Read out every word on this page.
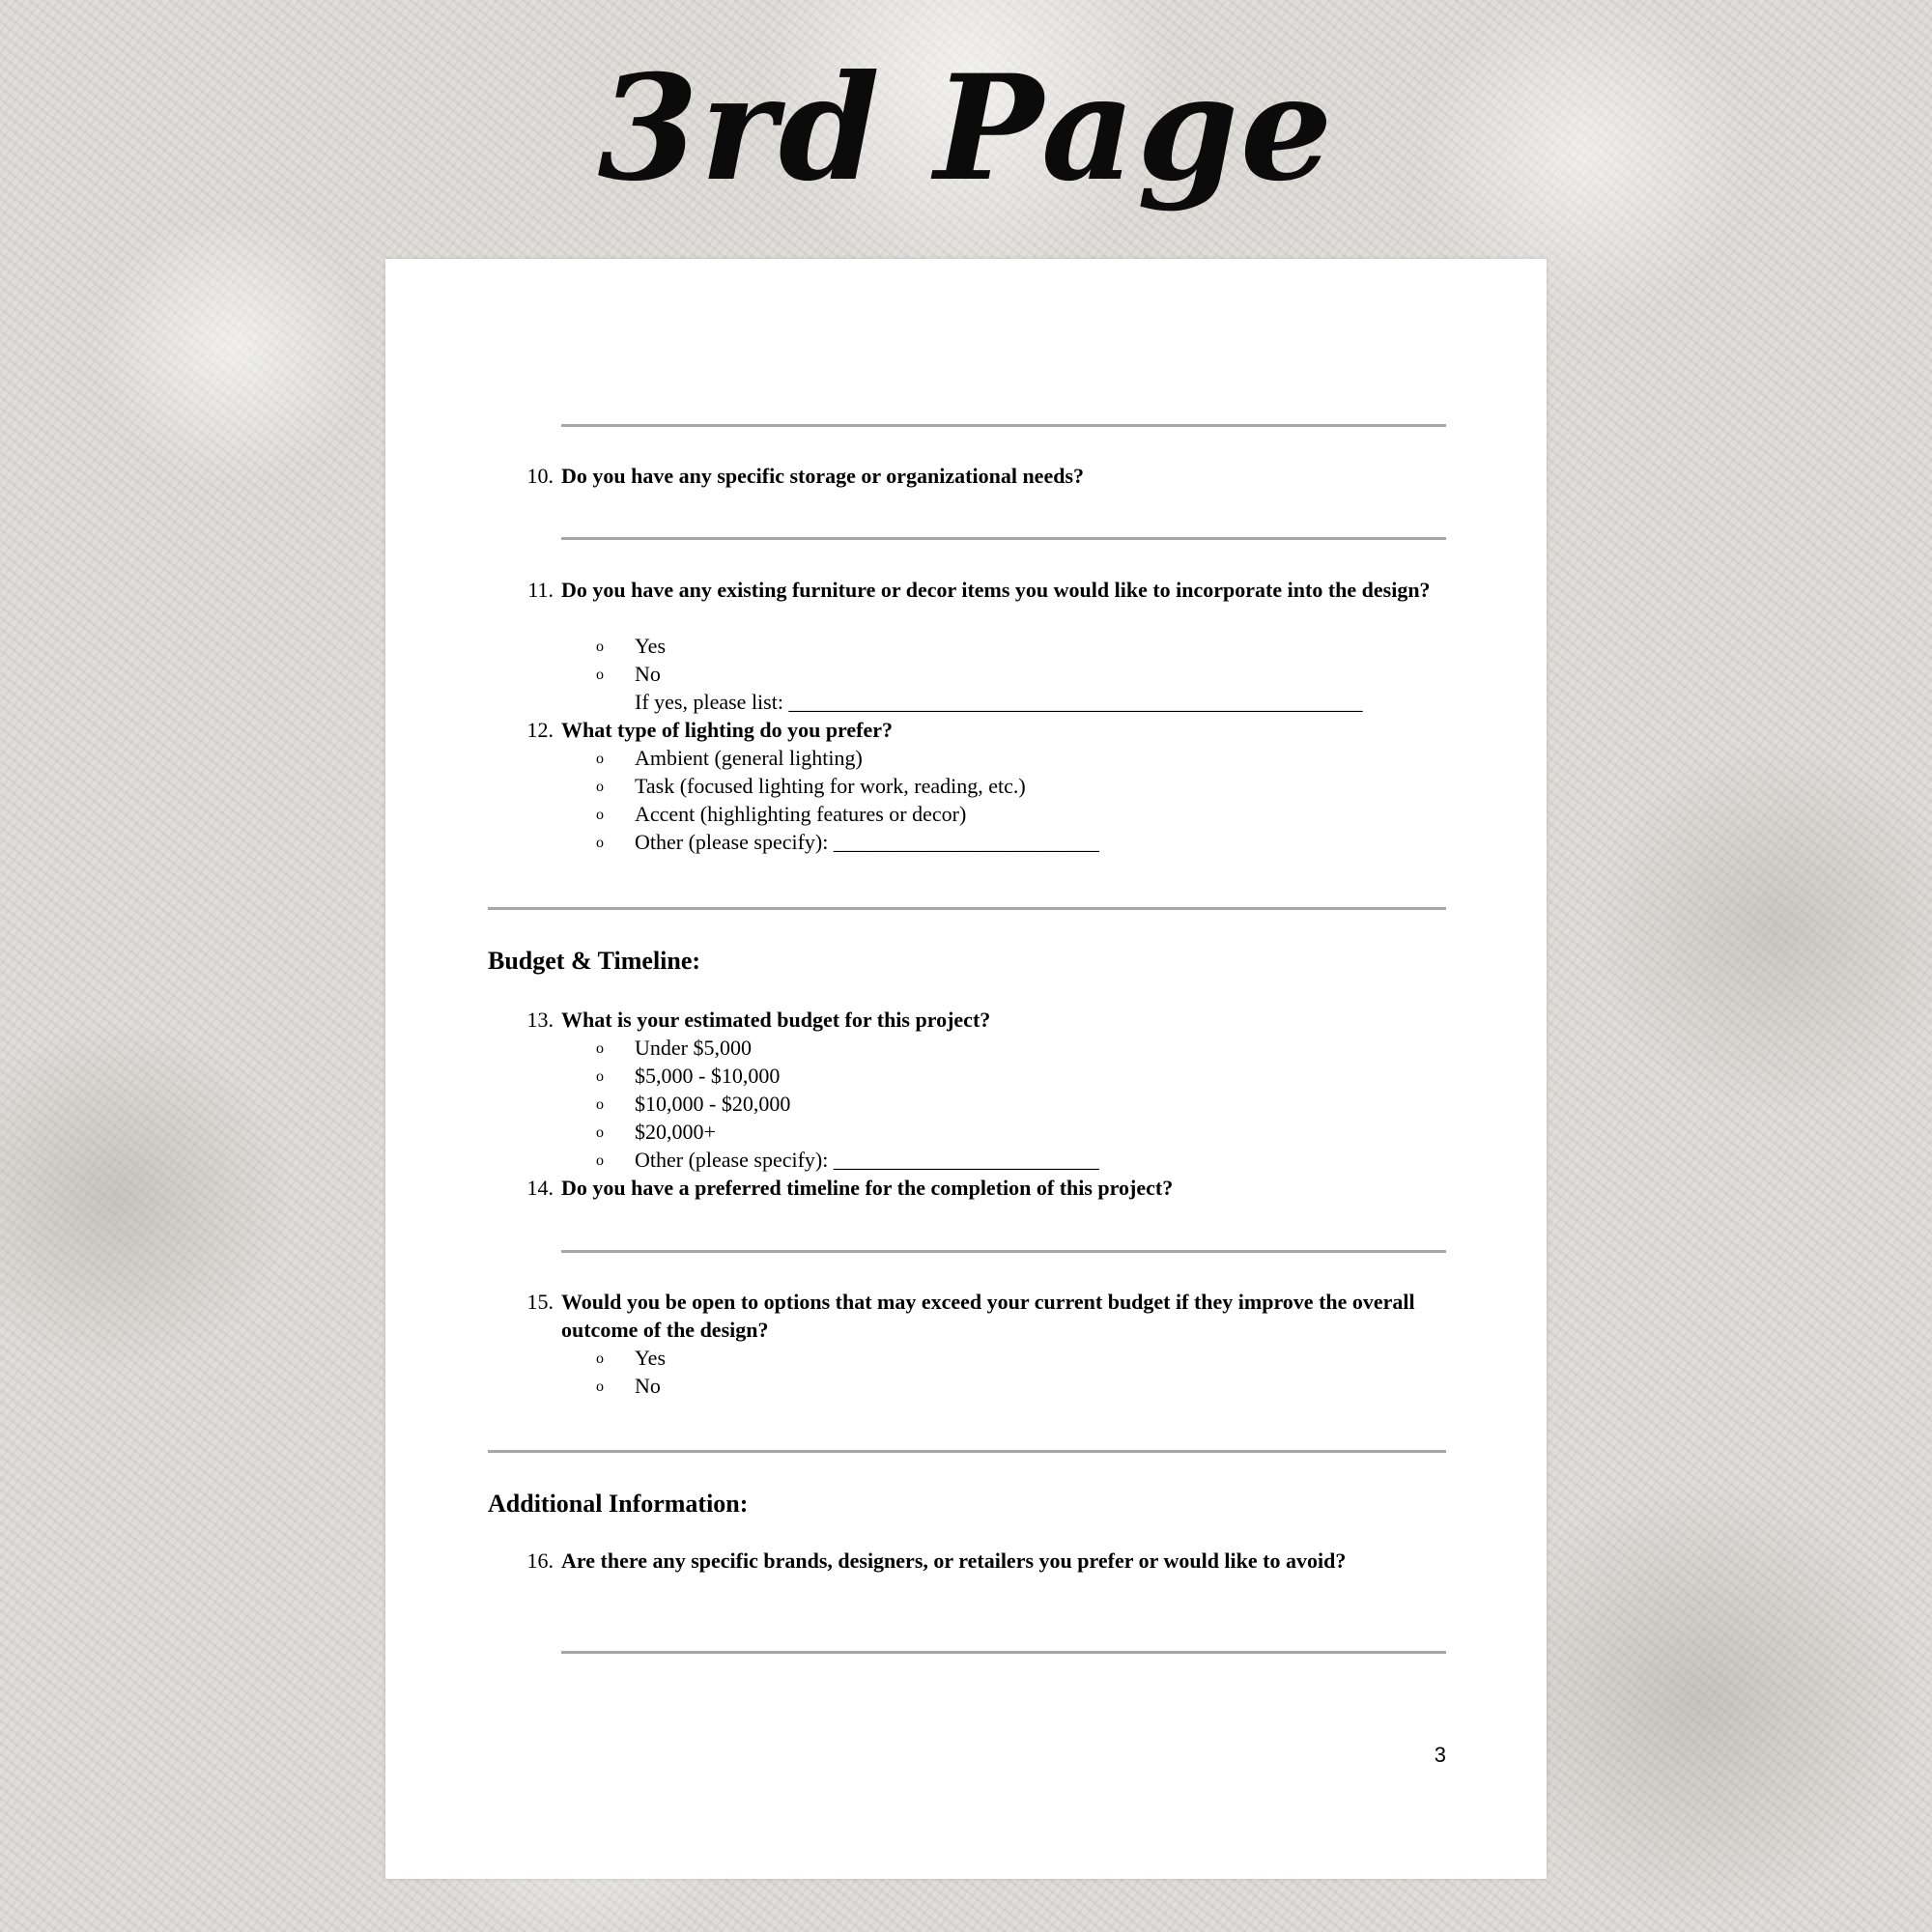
3rd Page
10. Do you have any specific storage or organizational needs?
11. Do you have any existing furniture or decor items you would like to incorporate into the design?
o Yes
o No
If yes, please list: ______________________________________________________
12. What type of lighting do you prefer?
o Ambient (general lighting)
o Task (focused lighting for work, reading, etc.)
o Accent (highlighting features or decor)
o Other (please specify): _________________________
Budget & Timeline:
13. What is your estimated budget for this project?
o Under $5,000
o $5,000 - $10,000
o $10,000 - $20,000
o $20,000+
o Other (please specify): _________________________
14. Do you have a preferred timeline for the completion of this project?
15. Would you be open to options that may exceed your current budget if they improve the overall outcome of the design?
o Yes
o No
Additional Information:
16. Are there any specific brands, designers, or retailers you prefer or would like to avoid?
3
